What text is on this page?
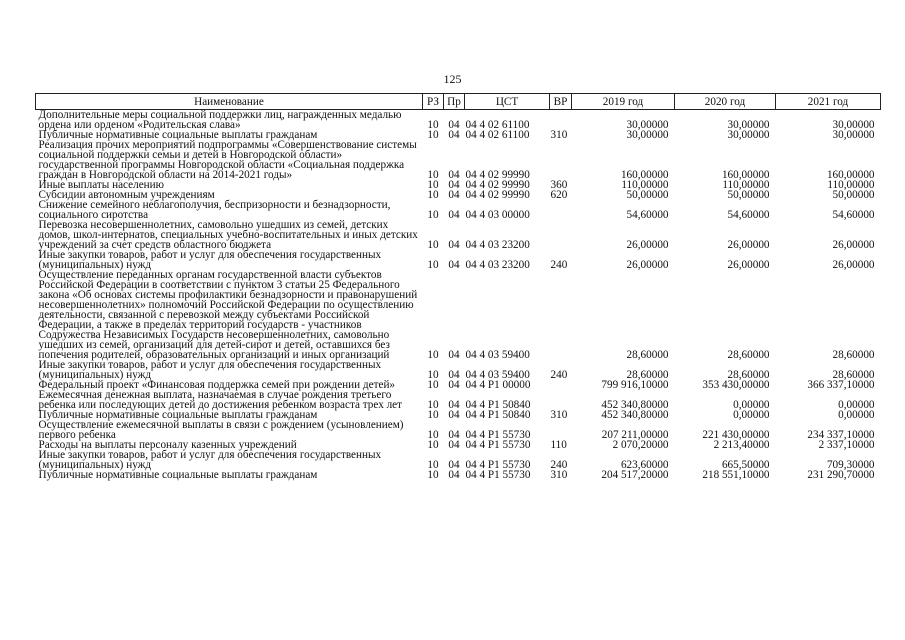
125
Наименование	РЗ	Пр	ЦСТ	ВР	2019 год	2020 год	2021 год
Дополнительные меры социальной поддержки лиц, награжденных медалью ордена или орденом «Родительская слава»	10	04	04 4 02 61100		30,00000	30,00000	30,00000
Публичные нормативные социальные выплаты гражданам	10	04	04 4 02 61100	310	30,00000	30,00000	30,00000
Реализация прочих мероприятий подпрограммы «Совершенствование системы социальной поддержки семьи и детей в Новгородской области» государственной программы Новгородской области «Социальная поддержка граждан в Новгородской области на 2014-2021 годы»	10	04	04 4 02 99990		160,00000	160,00000	160,00000
Иные выплаты населению	10	04	04 4 02 99990	360	110,00000	110,00000	110,00000
Субсидии автономным учреждениям	10	04	04 4 02 99990	620	50,00000	50,00000	50,00000
Снижение семейного неблагополучия, беспризорности и безнадзорности, социального сиротства	10	04	04 4 03 00000		54,60000	54,60000	54,60000
Перевозка несовершеннолетних, самовольно ушедших из семей, детских домов, школ-интернатов, специальных учебно-воспитательных и иных детских учреждений за счет средств областного бюджета	10	04	04 4 03 23200		26,00000	26,00000	26,00000
Иные закупки товаров, работ и услуг для обеспечения государственных (муниципальных) нужд	10	04	04 4 03 23200	240	26,00000	26,00000	26,00000
Осуществление переданных органам государственной власти субъектов Российской Федерации в соответствии с пунктом 3 статьи 25 Федерального закона «Об основах системы профилактики безнадзорности и правонарушений несовершеннолетних» полномочий Российской Федерации по осуществлению деятельности, связанной с перевозкой между субъектами Российской Федерации, а также в пределах территорий государств - участников Содружества Независимых Государств несовершеннолетних, самовольно ушедших из семей, организаций для детей-сирот и детей, оставшихся без попечения родителей, образовательных организаций и иных организаций	10	04	04 4 03 59400		28,60000	28,60000	28,60000
Иные закупки товаров, работ и услуг для обеспечения государственных (муниципальных) нужд	10	04	04 4 03 59400	240	28,60000	28,60000	28,60000
Федеральный проект «Финансовая поддержка семей при рождении детей»	10	04	04 4 P1 00000		799 916,10000	353 430,00000	366 337,10000
Ежемесячная денежная выплата, назначаемая в случае рождения третьего ребенка или последующих детей до достижения ребенком возраста трех лет	10	04	04 4 P1 50840		452 340,80000	0,00000	0,00000
Публичные нормативные социальные выплаты гражданам	10	04	04 4 P1 50840	310	452 340,80000	0,00000	0,00000
Осуществление ежемесячной выплаты в связи с рождением (усыновлением) первого ребенка	10	04	04 4 P1 55730		207 211,00000	221 430,00000	234 337,10000
Расходы на выплаты персоналу казенных учреждений	10	04	04 4 P1 55730	110	2 070,20000	2 213,40000	2 337,10000
Иные закупки товаров, работ и услуг для обеспечения государственных (муниципальных) нужд	10	04	04 4 P1 55730	240	623,60000	665,50000	709,30000
Публичные нормативные социальные выплаты гражданам	10	04	04 4 P1 55730	310	204 517,20000	218 551,10000	231 290,70000
